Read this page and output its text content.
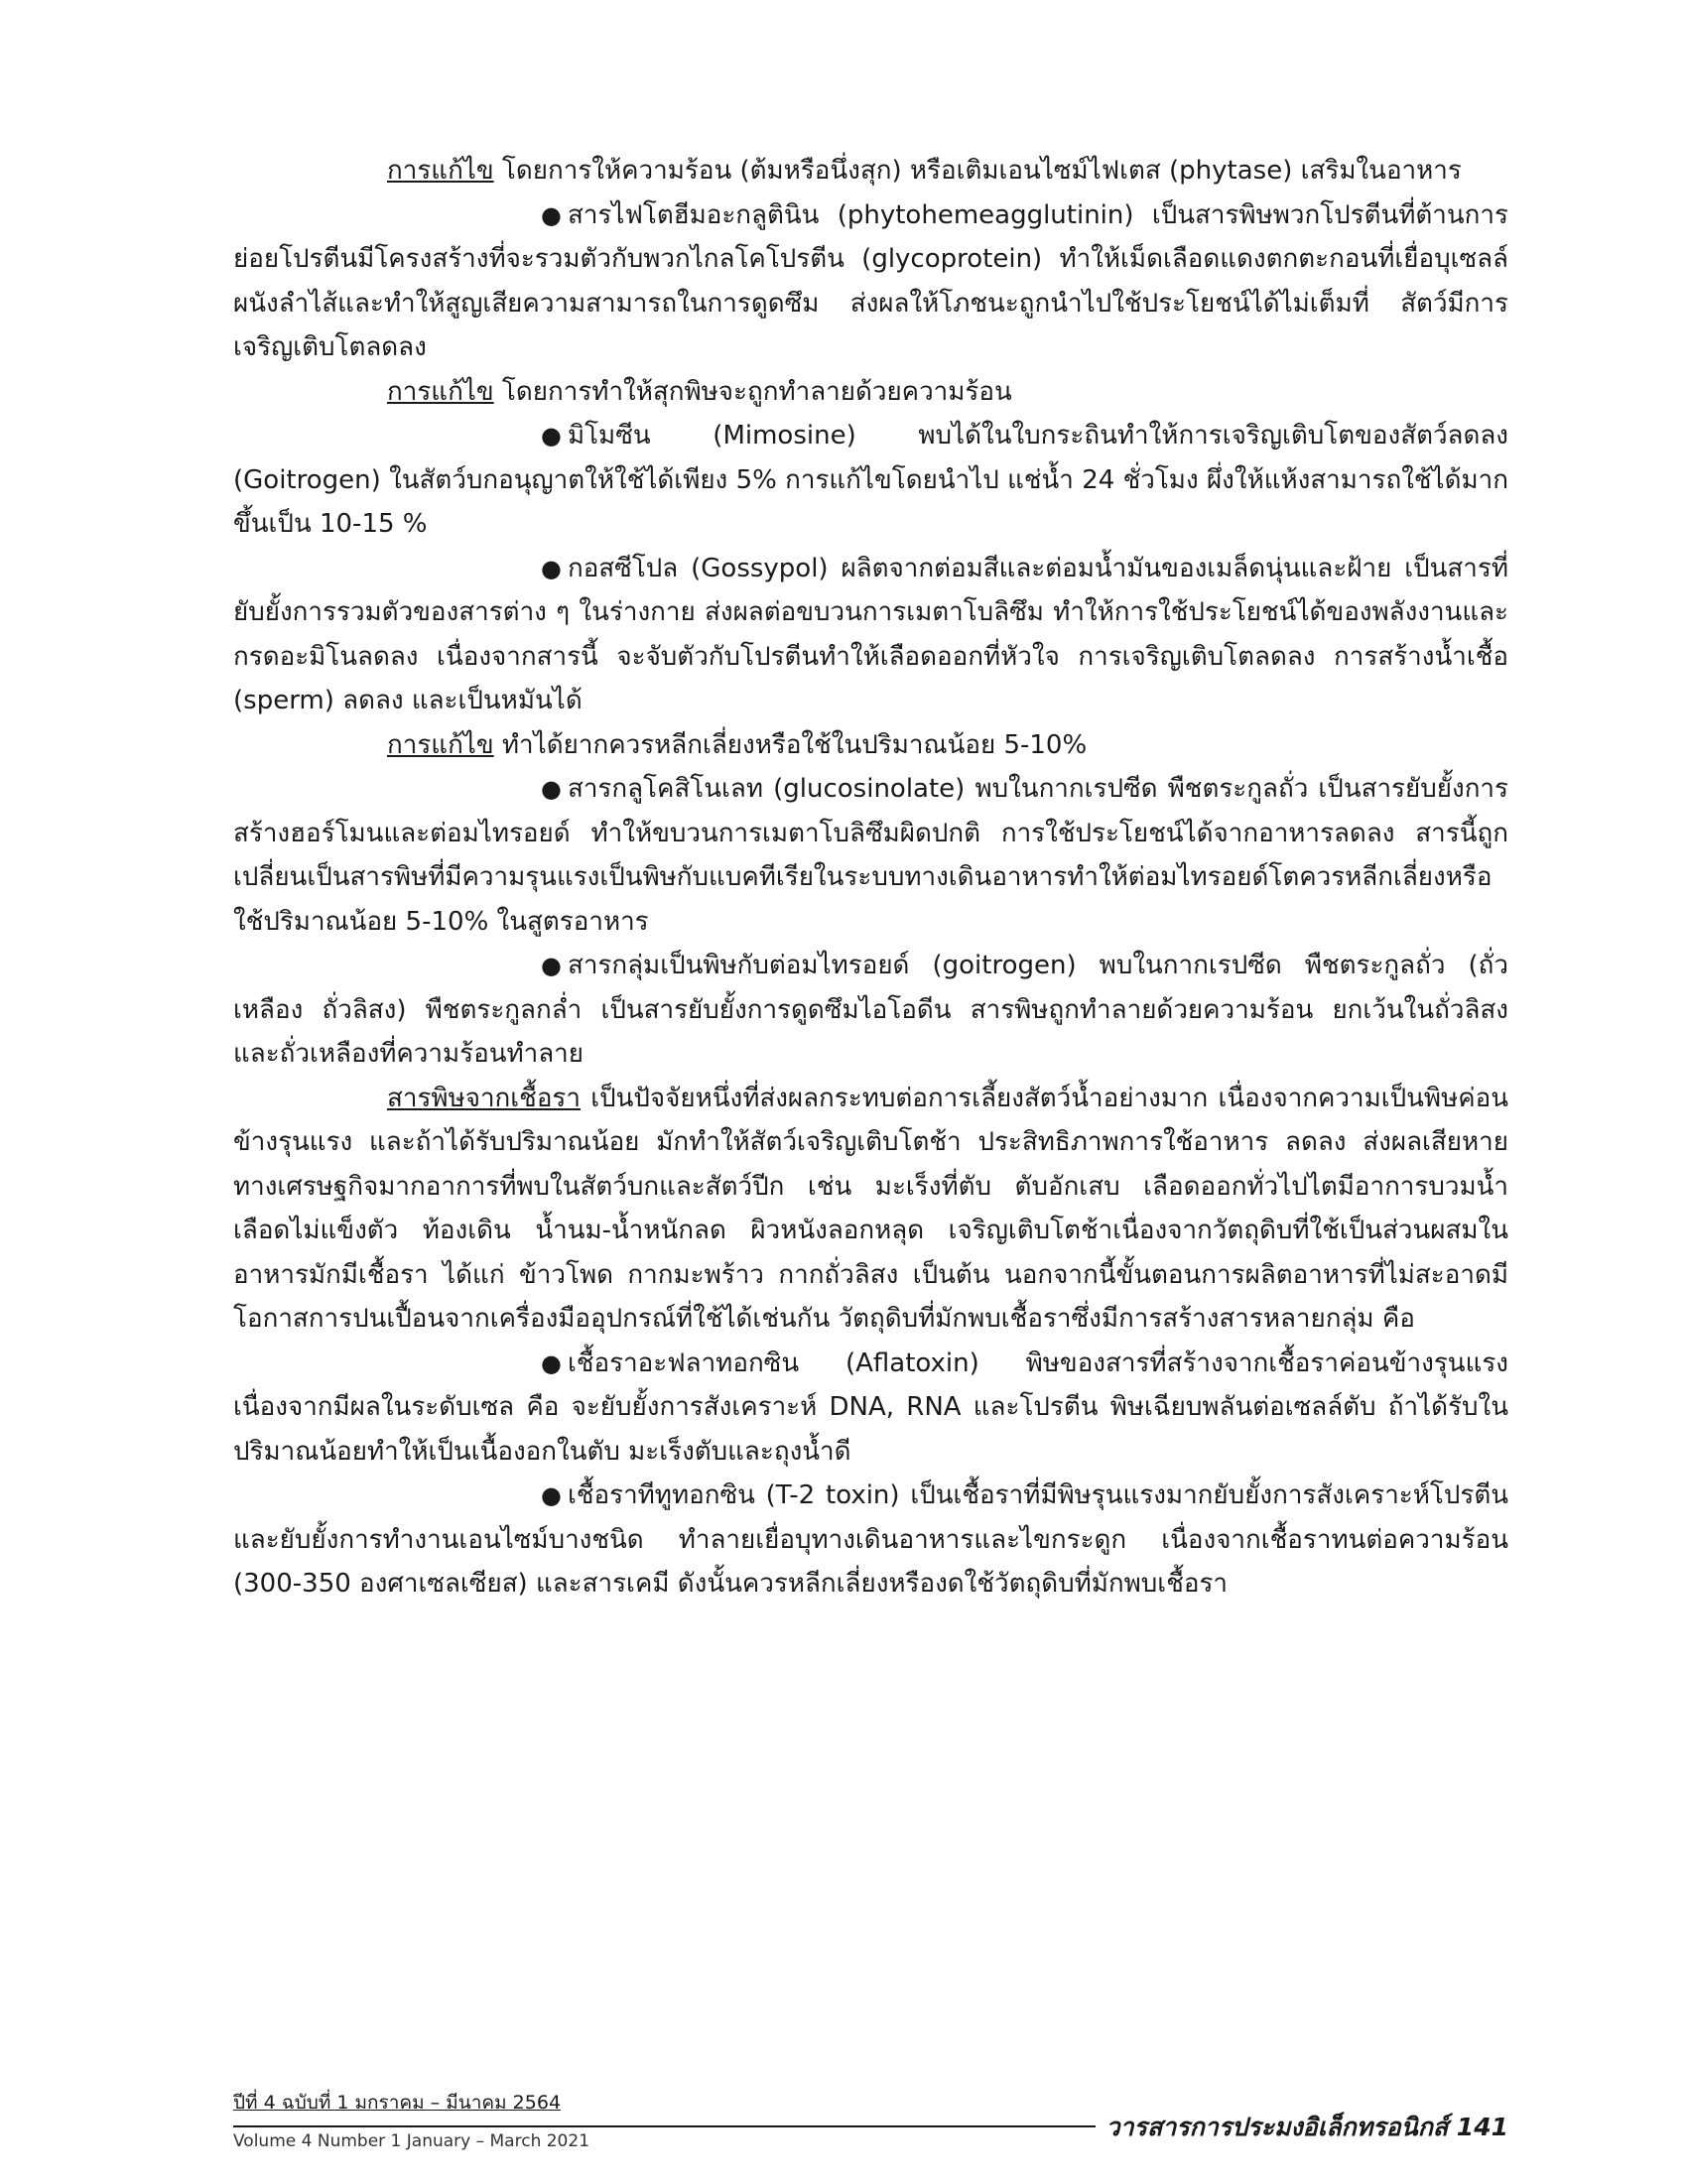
การแก้ไข โดยการให้ความร้อน (ต้มหรือนึ่งสุก) หรือเติมเอนไซม์ไฟเตส (phytase) เสริมในอาหาร

● สารไฟโตฮีมอะกลูตินิน (phytohemeagglutinin) เป็นสารพิษพวกโปรตีนที่ต้านการย่อยโปรตีนมีโครงสร้างที่จะรวมตัวกับพวกไกลโคโปรตีน (glycoprotein) ทำให้เม็ดเลือดแดงตกตะกอนที่เยื่อบุเซลล์ผนังลำไส้และทำให้สูญเสียความสามารถในการดูดซึม ส่งผลให้โภชนะถูกนำไปใช้ประโยชน์ได้ไม่เต็มที่ สัตว์มีการเจริญเติบโตลดลง

การแก้ไข โดยการทำให้สุกพิษจะถูกทำลายด้วยความร้อน

● มิโมซีน (Mimosine) พบได้ในใบกระถินทำให้การเจริญเติบโตของสัตว์ลดลง (Goitrogen) ในสัตว์บกอนุญาตให้ใช้ได้เพียง 5% การแก้ไขโดยนำไป แช่น้ำ 24 ชั่วโมง ผึ่งให้แห้งสามารถใช้ได้มากขึ้นเป็น 10-15 %

● กอสซีโปล (Gossypol) ผลิตจากต่อมสีและต่อมน้ำมันของเมล็ดนุ่นและฝ้าย เป็นสารที่ยับยั้งการรวมตัวของสารต่าง ๆ ในร่างกาย ส่งผลต่อขบวนการเมตาโบลิซึม ทำให้การใช้ประโยชน์ได้ของพลังงานและกรดอะมิโนลดลง เนื่องจากสารนี้ จะจับตัวกับโปรตีนทำให้เลือดออกที่หัวใจ การเจริญเติบโตลดลง การสร้างน้ำเชื้อ (sperm) ลดลง และเป็นหมันได้

การแก้ไข ทำได้ยากควรหลีกเลี่ยงหรือใช้ในปริมาณน้อย 5-10%

● สารกลูโคสิโนเลท (glucosinolate) พบในกากเรปซีด พืชตระกูลถั่ว เป็นสารยับยั้งการสร้างฮอร์โมนและต่อมไทรอยด์ ทำให้ขบวนการเมตาโบลิซึมผิดปกติ การใช้ประโยชน์ได้จากอาหารลดลง สารนี้ถูกเปลี่ยนเป็นสารพิษที่มีความรุนแรงเป็นพิษกับแบคทีเรียในระบบทางเดินอาหารทำให้ต่อมไทรอยด์โตควรหลีกเลี่ยงหรือใช้ปริมาณน้อย 5-10% ในสูตรอาหาร

● สารกลุ่มเป็นพิษกับต่อมไทรอยด์ (goitrogen) พบในกากเรปซีด พืชตระกูลถั่ว (ถั่วเหลือง ถั่วลิสง) พืชตระกูลกล่ำ เป็นสารยับยั้งการดูดซึมไอโอดีน สารพิษถูกทำลายด้วยความร้อน ยกเว้นในถั่วลิสง และถั่วเหลืองที่ความร้อนทำลาย

สารพิษจากเชื้อรา เป็นปัจจัยหนึ่งที่ส่งผลกระทบต่อการเลี้ยงสัตว์น้ำอย่างมาก เนื่องจากความเป็นพิษค่อนข้างรุนแรง และถ้าได้รับปริมาณน้อย มักทำให้สัตว์เจริญเติบโตช้า ประสิทธิภาพการใช้อาหาร ลดลง ส่งผลเสียหายทางเศรษฐกิจมากอาการที่พบในสัตว์บกและสัตว์ปีก เช่น มะเร็งที่ตับ ตับอักเสบ เลือดออกทั่วไปไตมีอาการบวมน้ำ เลือดไม่แข็งตัว ท้องเดิน น้ำนม-น้ำหนักลด ผิวหนังลอกหลุด เจริญเติบโตช้าเนื่องจากวัตถุดิบที่ใช้เป็นส่วนผสมในอาหารมักมีเชื้อรา ได้แก่ ข้าวโพด กากมะพร้าว กากถั่วลิสง เป็นต้น นอกจากนี้ขั้นตอนการผลิตอาหารที่ไม่สะอาดมีโอกาสการปนเปื้อนจากเครื่องมืออุปกรณ์ที่ใช้ได้เช่นกัน วัตถุดิบที่มักพบเชื้อราซึ่งมีการสร้างสารหลายกลุ่ม คือ

● เชื้อราอะฟลาทอกซิน (Aflatoxin) พิษของสารที่สร้างจากเชื้อราค่อนข้างรุนแรง เนื่องจากมีผลในระดับเซล คือ จะยับยั้งการสังเคราะห์ DNA, RNA และโปรตีน พิษเฉียบพลันต่อเซลล์ตับ ถ้าได้รับในปริมาณน้อยทำให้เป็นเนื้องอกในตับ มะเร็งตับและถุงน้ำดี

● เชื้อราทีทูทอกซิน (T-2 toxin) เป็นเชื้อราที่มีพิษรุนแรงมากยับยั้งการสังเคราะห์โปรตีนและยับยั้งการทำงานเอนไซม์บางชนิด ทำลายเยื่อบุทางเดินอาหารและไขกระดูก เนื่องจากเชื้อราทนต่อความร้อน (300-350 องศาเซลเซียส) และสารเคมี ดังนั้นควรหลีกเลี่ยงหรืองดใช้วัตถุดิบที่มักพบเชื้อรา

ปีที่ 4 ฉบับที่ 1 มกราคม – มีนาคม 2564
วารสารการประมงอิเล็กทรอนิกส์ 141
Volume 4 Number 1 January – March 2021
